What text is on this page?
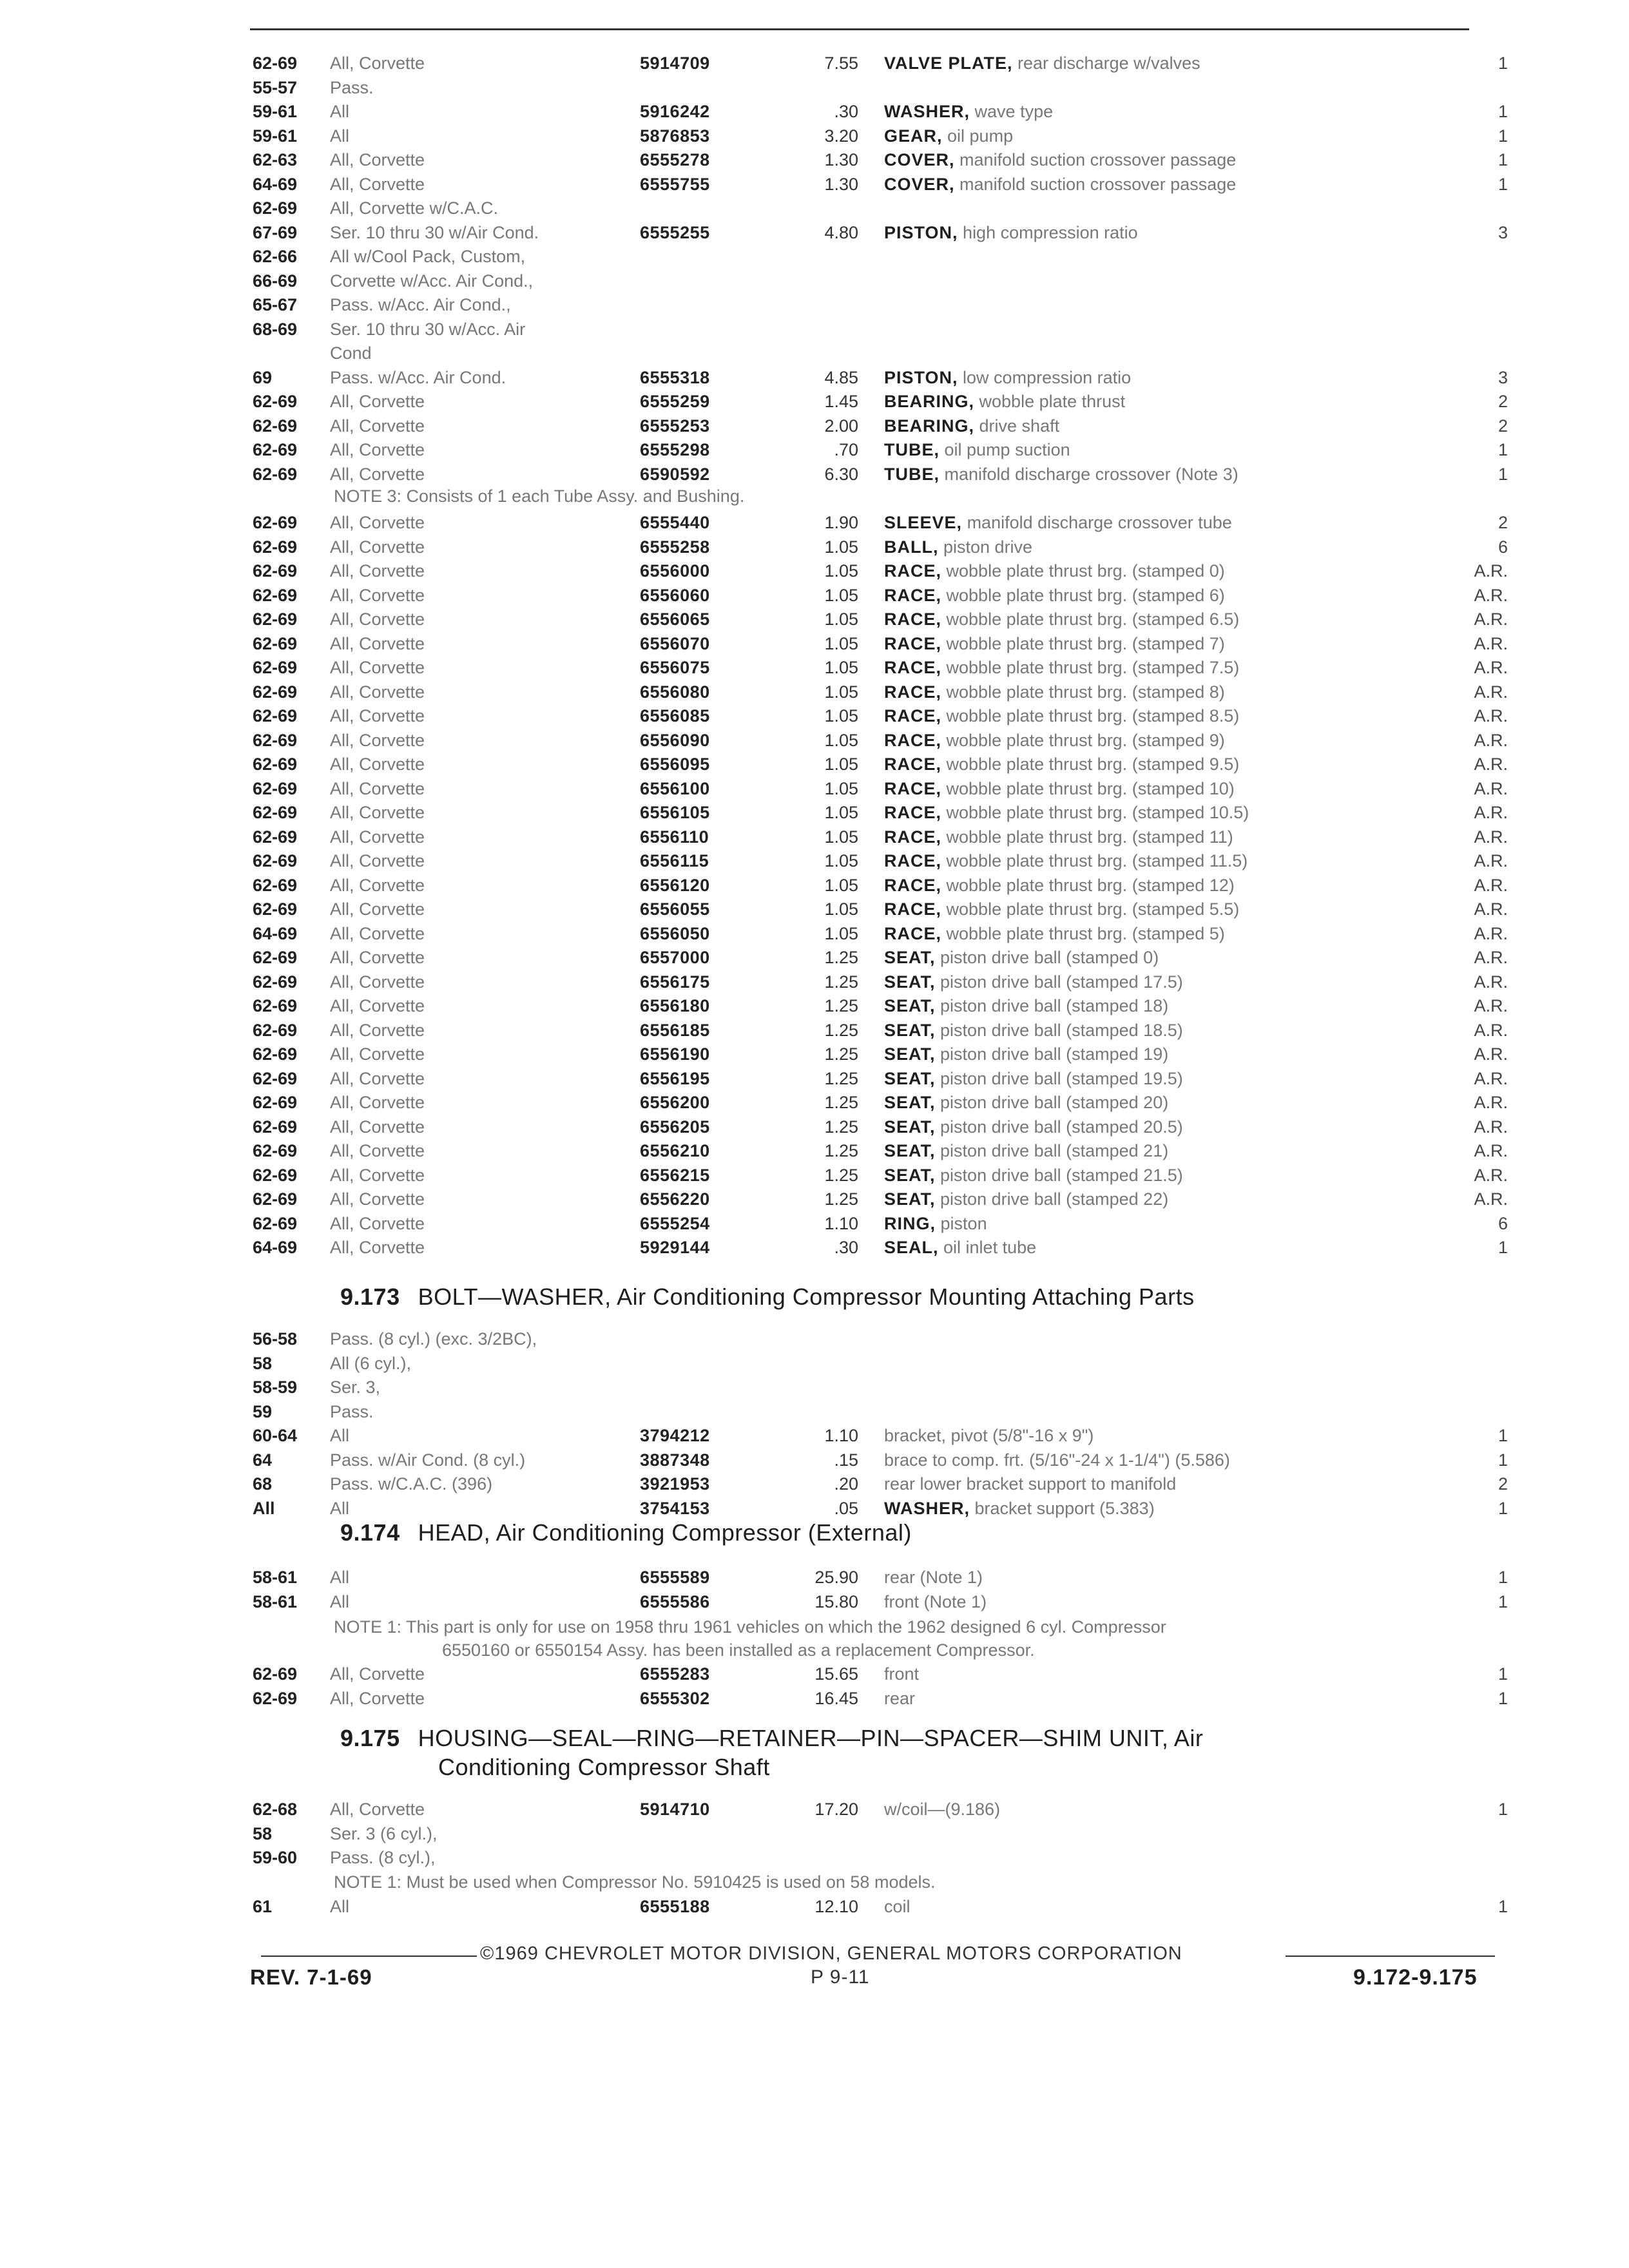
62-69 All, Corvette	5914709	7.55 VALVE PLATE, rear discharge w/valves	1
55-57 Pass.
59-61 All	5916242	.30 WASHER, wave type	1
59-61 All	5876853	3.20 GEAR, oil pump	1
62-63 All, Corvette	6555278	1.30 COVER, manifold suction crossover passage	1
64-69 All, Corvette	6555755	1.30 COVER, manifold suction crossover passage	1
62-69 All, Corvette w/C.A.C.
67-69 Ser. 10 thru 30 w/Air Cond.	6555255	4.80 PISTON, high compression ratio	3
62-66 All w/Cool Pack, Custom,
66-69 Corvette w/Acc. Air Cond.,
65-67 Pass. w/Acc. Air Cond.,
68-69 Ser. 10 thru 30 w/Acc. Air
Cond
69	Pass. w/Acc. Air Cond.	6555318	4.85 PISTON, low compression ratio	3
62-69 All, Corvette	6555259	1.45 BEARING, wobble plate thrust	2
62-69 All, Corvette	6555253	2.00 BEARING, drive shaft	2
62-69 All, Corvette	6555298	.70 TUBE, oil pump suction	1
62-69 All, Corvette	6590592	6.30 TUBE, manifold discharge crossover (Note 3)	1
NOTE 3: Consists of 1 each Tube Assy. and Bushing.
62-69 All, Corvette	6555440	1.90 SLEEVE, manifold discharge crossover tube	2
62-69 All, Corvette	6555258	1.05 BALL, piston drive	6
62-69 All, Corvette	6556000	1.05 RACE, wobble plate thrust brg. (stamped 0)	A.R.
62-69 All, Corvette	6556060	1.05 RACE, wobble plate thrust brg. (stamped 6)	A.R.
62-69 All, Corvette	6556065	1.05 RACE, wobble plate thrust brg. (stamped 6.5)	A.R.
62-69 All, Corvette	6556070	1.05 RACE, wobble plate thrust brg. (stamped 7)	A.R.
62-69 All, Corvette	6556075	1.05 RACE, wobble plate thrust brg. (stamped 7.5)	A.R.
62-69 All, Corvette	6556080	1.05 RACE, wobble plate thrust brg. (stamped 8)	A.R.
62-69 All, Corvette	6556085	1.05 RACE, wobble plate thrust brg. (stamped 8.5)	A.R.
62-69 All, Corvette	6556090	1.05 RACE, wobble plate thrust brg. (stamped 9)	A.R.
62-69 All, Corvette	6556095	1.05 RACE, wobble plate thrust brg. (stamped 9.5)	A.R.
62-69 All, Corvette	6556100	1.05 RACE, wobble plate thrust brg. (stamped 10)	A.R.
62-69 All, Corvette	6556105	1.05 RACE, wobble plate thrust brg. (stamped 10.5)	A.R.
62-69 All, Corvette	6556110	1.05 RACE, wobble plate thrust brg. (stamped 11)	A.R.
62-69 All, Corvette	6556115	1.05 RACE, wobble plate thrust brg. (stamped 11.5)	A.R.
62-69 All, Corvette	6556120	1.05 RACE, wobble plate thrust brg. (stamped 12)	A.R.
62-69 All, Corvette	6556055	1.05 RACE, wobble plate thrust brg. (stamped 5.5)	A.R.
64-69 All, Corvette	6556050	1.05 RACE, wobble plate thrust brg. (stamped 5)	A.R.
62-69 All, Corvette	6557000	1.25 SEAT, piston drive ball (stamped 0)	A.R.
62-69 All, Corvette	6556175	1.25 SEAT, piston drive ball (stamped 17.5)	A.R.
62-69 All, Corvette	6556180	1.25 SEAT, piston drive ball (stamped 18)	A.R.
62-69 All, Corvette	6556185	1.25 SEAT, piston drive ball (stamped 18.5)	A.R.
62-69 All, Corvette	6556190	1.25 SEAT, piston drive ball (stamped 19)	A.R.
62-69 All, Corvette	6556195	1.25 SEAT, piston drive ball (stamped 19.5)	A.R.
62-69 All, Corvette	6556200	1.25 SEAT, piston drive ball (stamped 20)	A.R.
62-69 All, Corvette	6556205	1.25 SEAT, piston drive ball (stamped 20.5)	A.R.
62-69 All, Corvette	6556210	1.25 SEAT, piston drive ball (stamped 21)	A.R.
62-69 All, Corvette	6556215	1.25 SEAT, piston drive ball (stamped 21.5)	A.R.
62-69 All, Corvette	6556220	1.25 SEAT, piston drive ball (stamped 22)	A.R.
62-69 All, Corvette	6555254	1.10 RING, piston	6
64-69 All, Corvette	5929144	.30 SEAL, oil inlet tube	1
9.173 BOLT—WASHER, Air Conditioning Compressor Mounting Attaching Parts
56-58 Pass. (8 cyl.) (exc. 3/2BC),
58	All (6 cyl.),
58-59 Ser. 3,
59	Pass.
60-64 All	3794212	1.10 bracket, pivot (5/8"-16 x 9")	1
64	Pass. w/Air Cond. (8 cyl.)	3887348	.15 brace to comp. frt. (5/16"-24 x 1-1/4") (5.586)	1
68	Pass. w/C.A.C. (396)	3921953	.20 rear lower bracket support to manifold	2
All	All	3754153	.05 WASHER, bracket support (5.383)	1
9.174 HEAD, Air Conditioning Compressor (External)
58-61 All	6555589	25.90 rear (Note 1)	1
58-61 All	6555586	15.80 front (Note 1)	1
NOTE 1: This part is only for use on 1958 thru 1961 vehicles on which the 1962 designed 6 cyl. Compressor
6550160 or 6550154 Assy. has been installed as a replacement Compressor.
62-69 All, Corvette	6555283	15.65 front	1
62-69 All, Corvette	6555302	16.45 rear	1
9.175 HOUSING—SEAL—RING—RETAINER—PIN—SPACER—SHIM UNIT, Air
Conditioning Compressor Shaft
62-68 All, Corvette	5914710	17.20 w/coil—(9.186)	1
58	Ser. 3 (6 cyl.),
59-60 Pass. (8 cyl.),
NOTE 1: Must be used when Compressor No. 5910425 is used on 58 models.
61	All	6555188	12.10 coil	1
©1969 CHEVROLET MOTOR DIVISION, GENERAL MOTORS CORPORATION
REV. 7-1-69	P 9-11	9.172-9.175
